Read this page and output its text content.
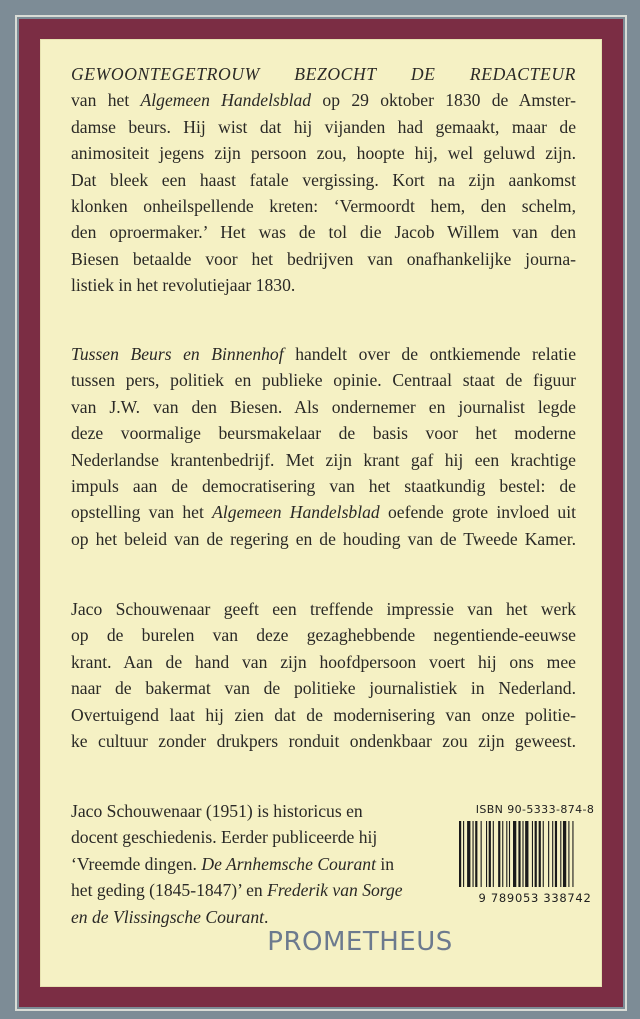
GEWOONTEGETROUW BEZOCHT DE REDACTEUR
van het Algemeen Handelsblad op 29 oktober 1830 de Amster-
damse beurs. Hij wist dat hij vijanden had gemaakt, maar de
animositeit jegens zijn persoon zou, hoopte hij, wel geluwd zijn.
Dat bleek een haast fatale vergissing. Kort na zijn aankomst
klonken onheilspellende kreten: ‘Vermoordt hem, den schelm,
den oproermaker.’ Het was de tol die Jacob Willem van den
Biesen betaalde voor het bedrijven van onafhankelijke journa-
listiek in het revolutiejaar 1830.
Tussen Beurs en Binnenhof handelt over de ontkiemende relatie
tussen pers, politiek en publieke opinie. Centraal staat de figuur
van J.W. van den Biesen. Als ondernemer en journalist legde
deze voormalige beursmakelaar de basis voor het moderne
Nederlandse krantenbedrijf. Met zijn krant gaf hij een krachtige
impuls aan de democratisering van het staatkundig bestel: de
opstelling van het Algemeen Handelsblad oefende grote invloed uit
op het beleid van de regering en de houding van de Tweede Kamer.
Jaco Schouwenaar geeft een treffende impressie van het werk
op de burelen van deze gezaghebbende negentiende-eeuwse
krant. Aan de hand van zijn hoofdpersoon voert hij ons mee
naar de bakermat van de politieke journalistiek in Nederland.
Overtuigend laat hij zien dat de modernisering van onze politie-
ke cultuur zonder drukpers ronduit ondenkbaar zou zijn geweest.
Jaco Schouwenaar (1951) is historicus en
docent geschiedenis. Eerder publiceerde hij
‘Vreemde dingen. De Arnhemsche Courant in
het geding (1845-1847)’ en Frederik van Sorge
en de Vlissingsche Courant.
ISBN 90-5333-874-8
9 789053 338742
PROMETHEUS
